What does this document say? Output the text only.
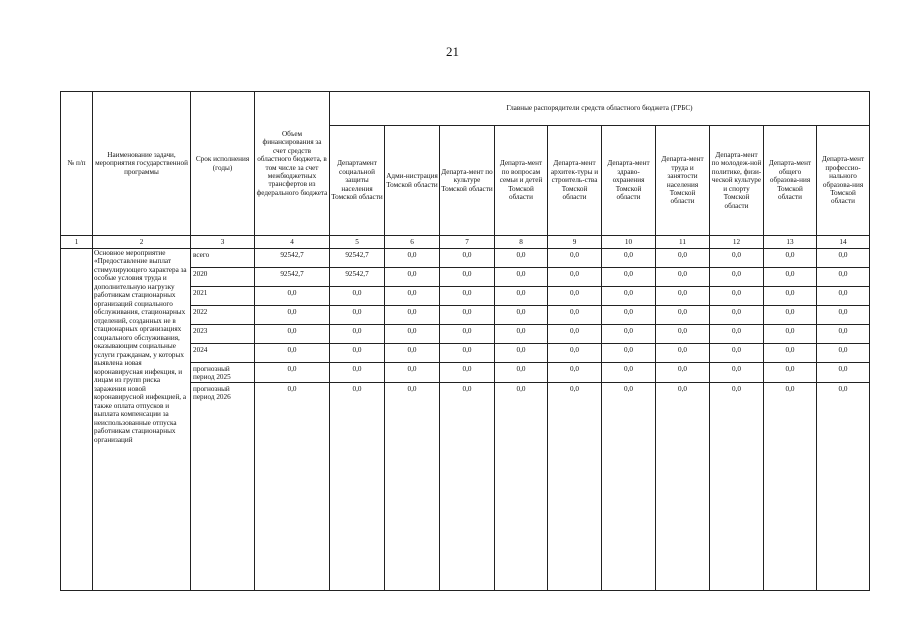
21
№ п/п	Наименование задачи, мероприятия государственной программы	Срок исполнения (годы)	Объем финансирования за счет средств областного бюджета, в том числе за счет межбюджетных трансфертов из федерального бюджета	Главные распорядители средств областного бюджета (ГРБС)									
				Департамент социальной защиты населения Томской области	Адми-нистрация Томской области	Департа-мент по культуре Томской области	Департа-мент по вопросам семьи и детей Томской области	Департа-мент архитек-туры и строитель-ства Томской области	Департа-мент здраво-охранения Томской области	Департа-мент труда и занятости населения Томской области	Департа-мент по молодеж-ной политике, физи-ческой культуре и спорту Томской области	Департа-мент общего образова-ния Томской области	Департа-мент профессио-нального образова-ния Томской области
1	2	3	4	5	6	7	8	9	10	11	12	13	14
	Основное мероприятие «Предоставление выплат стимулирующего характера за особые условия труда и дополнительную нагрузку работникам стационарных организаций социального обслуживания, стационарных отделений, созданных не в стационарных организациях социального обслуживания, оказывающим социальные услуги гражданам, у которых выявлена новая коронавирусная инфекция, и лицам из групп риска заражения новой коронавирусной инфекцией, а также оплата отпусков и выплата компенсации за неиспользованные отпуска работникам стационарных организаций	всего	92542,7	92542,7	0,0	0,0	0,0	0,0	0,0	0,0	0,0	0,0	0,0
		2020	92542,7	92542,7	0,0	0,0	0,0	0,0	0,0	0,0	0,0	0,0	0,0
		2021	0,0	0,0	0,0	0,0	0,0	0,0	0,0	0,0	0,0	0,0	0,0
		2022	0,0	0,0	0,0	0,0	0,0	0,0	0,0	0,0	0,0	0,0	0,0
		2023	0,0	0,0	0,0	0,0	0,0	0,0	0,0	0,0	0,0	0,0	0,0
		2024	0,0	0,0	0,0	0,0	0,0	0,0	0,0	0,0	0,0	0,0	0,0
		прогнозный период 2025	0,0	0,0	0,0	0,0	0,0	0,0	0,0	0,0	0,0	0,0	0,0
		прогнозный период 2026	0,0	0,0	0,0	0,0	0,0	0,0	0,0	0,0	0,0	0,0	0,0
